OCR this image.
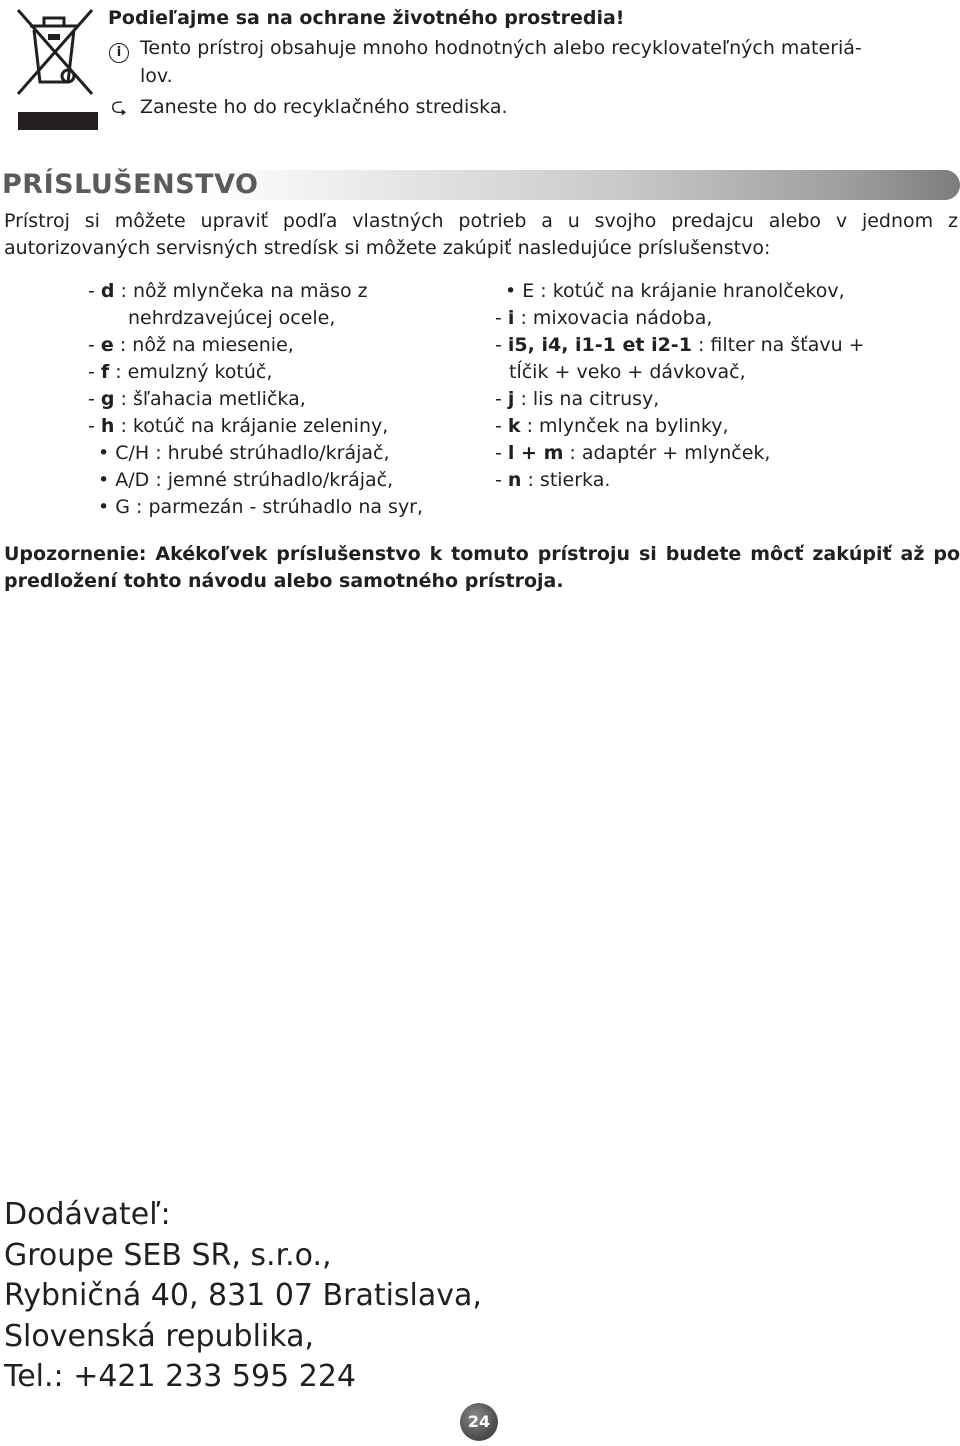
Podieľajme sa na ochrane životného prostredia!
i Tento prístroj obsahuje mnoho hodnotných alebo recyklovateľných materiá-
lov.
⮎ Zaneste ho do recyklačného strediska.
PRÍSLUŠENSTVO
Prístroj si môžete upraviť podľa vlastných potrieb a u svojho predajcu alebo v jednom z
autorizovaných servisných stredísk si môžete zakúpiť nasledujúce príslušenstvo:
- d : nôž mlynčeka na mäso z
nehrdzavejúcej ocele,
- e : nôž na miesenie,
- f : emulzný kotúč,
- g : šľahacia metlička,
- h : kotúč na krájanie zeleniny,
• C/H : hrubé strúhadlo/krájač,
• A/D : jemné strúhadlo/krájač,
• G : parmezán - strúhadlo na syr,
• E : kotúč na krájanie hranolčekov,
- i : mixovacia nádoba,
- i5, i4, i1-1 et i2-1 : filter na šťavu +
tĺčik + veko + dávkovač,
- j : lis na citrusy,
- k : mlynček na bylinky,
- l + m : adaptér + mlynček,
- n : stierka.
Upozornenie: Akékoľvek príslušenstvo k tomuto prístroju si budete môcť zakúpiť až po
predložení tohto návodu alebo samotného prístroja.
Dodávateľ:
Groupe SEB SR, s.r.o.,
Rybničná 40, 831 07 Bratislava,
Slovenská republika,
Tel.: +421 233 595 224
24
